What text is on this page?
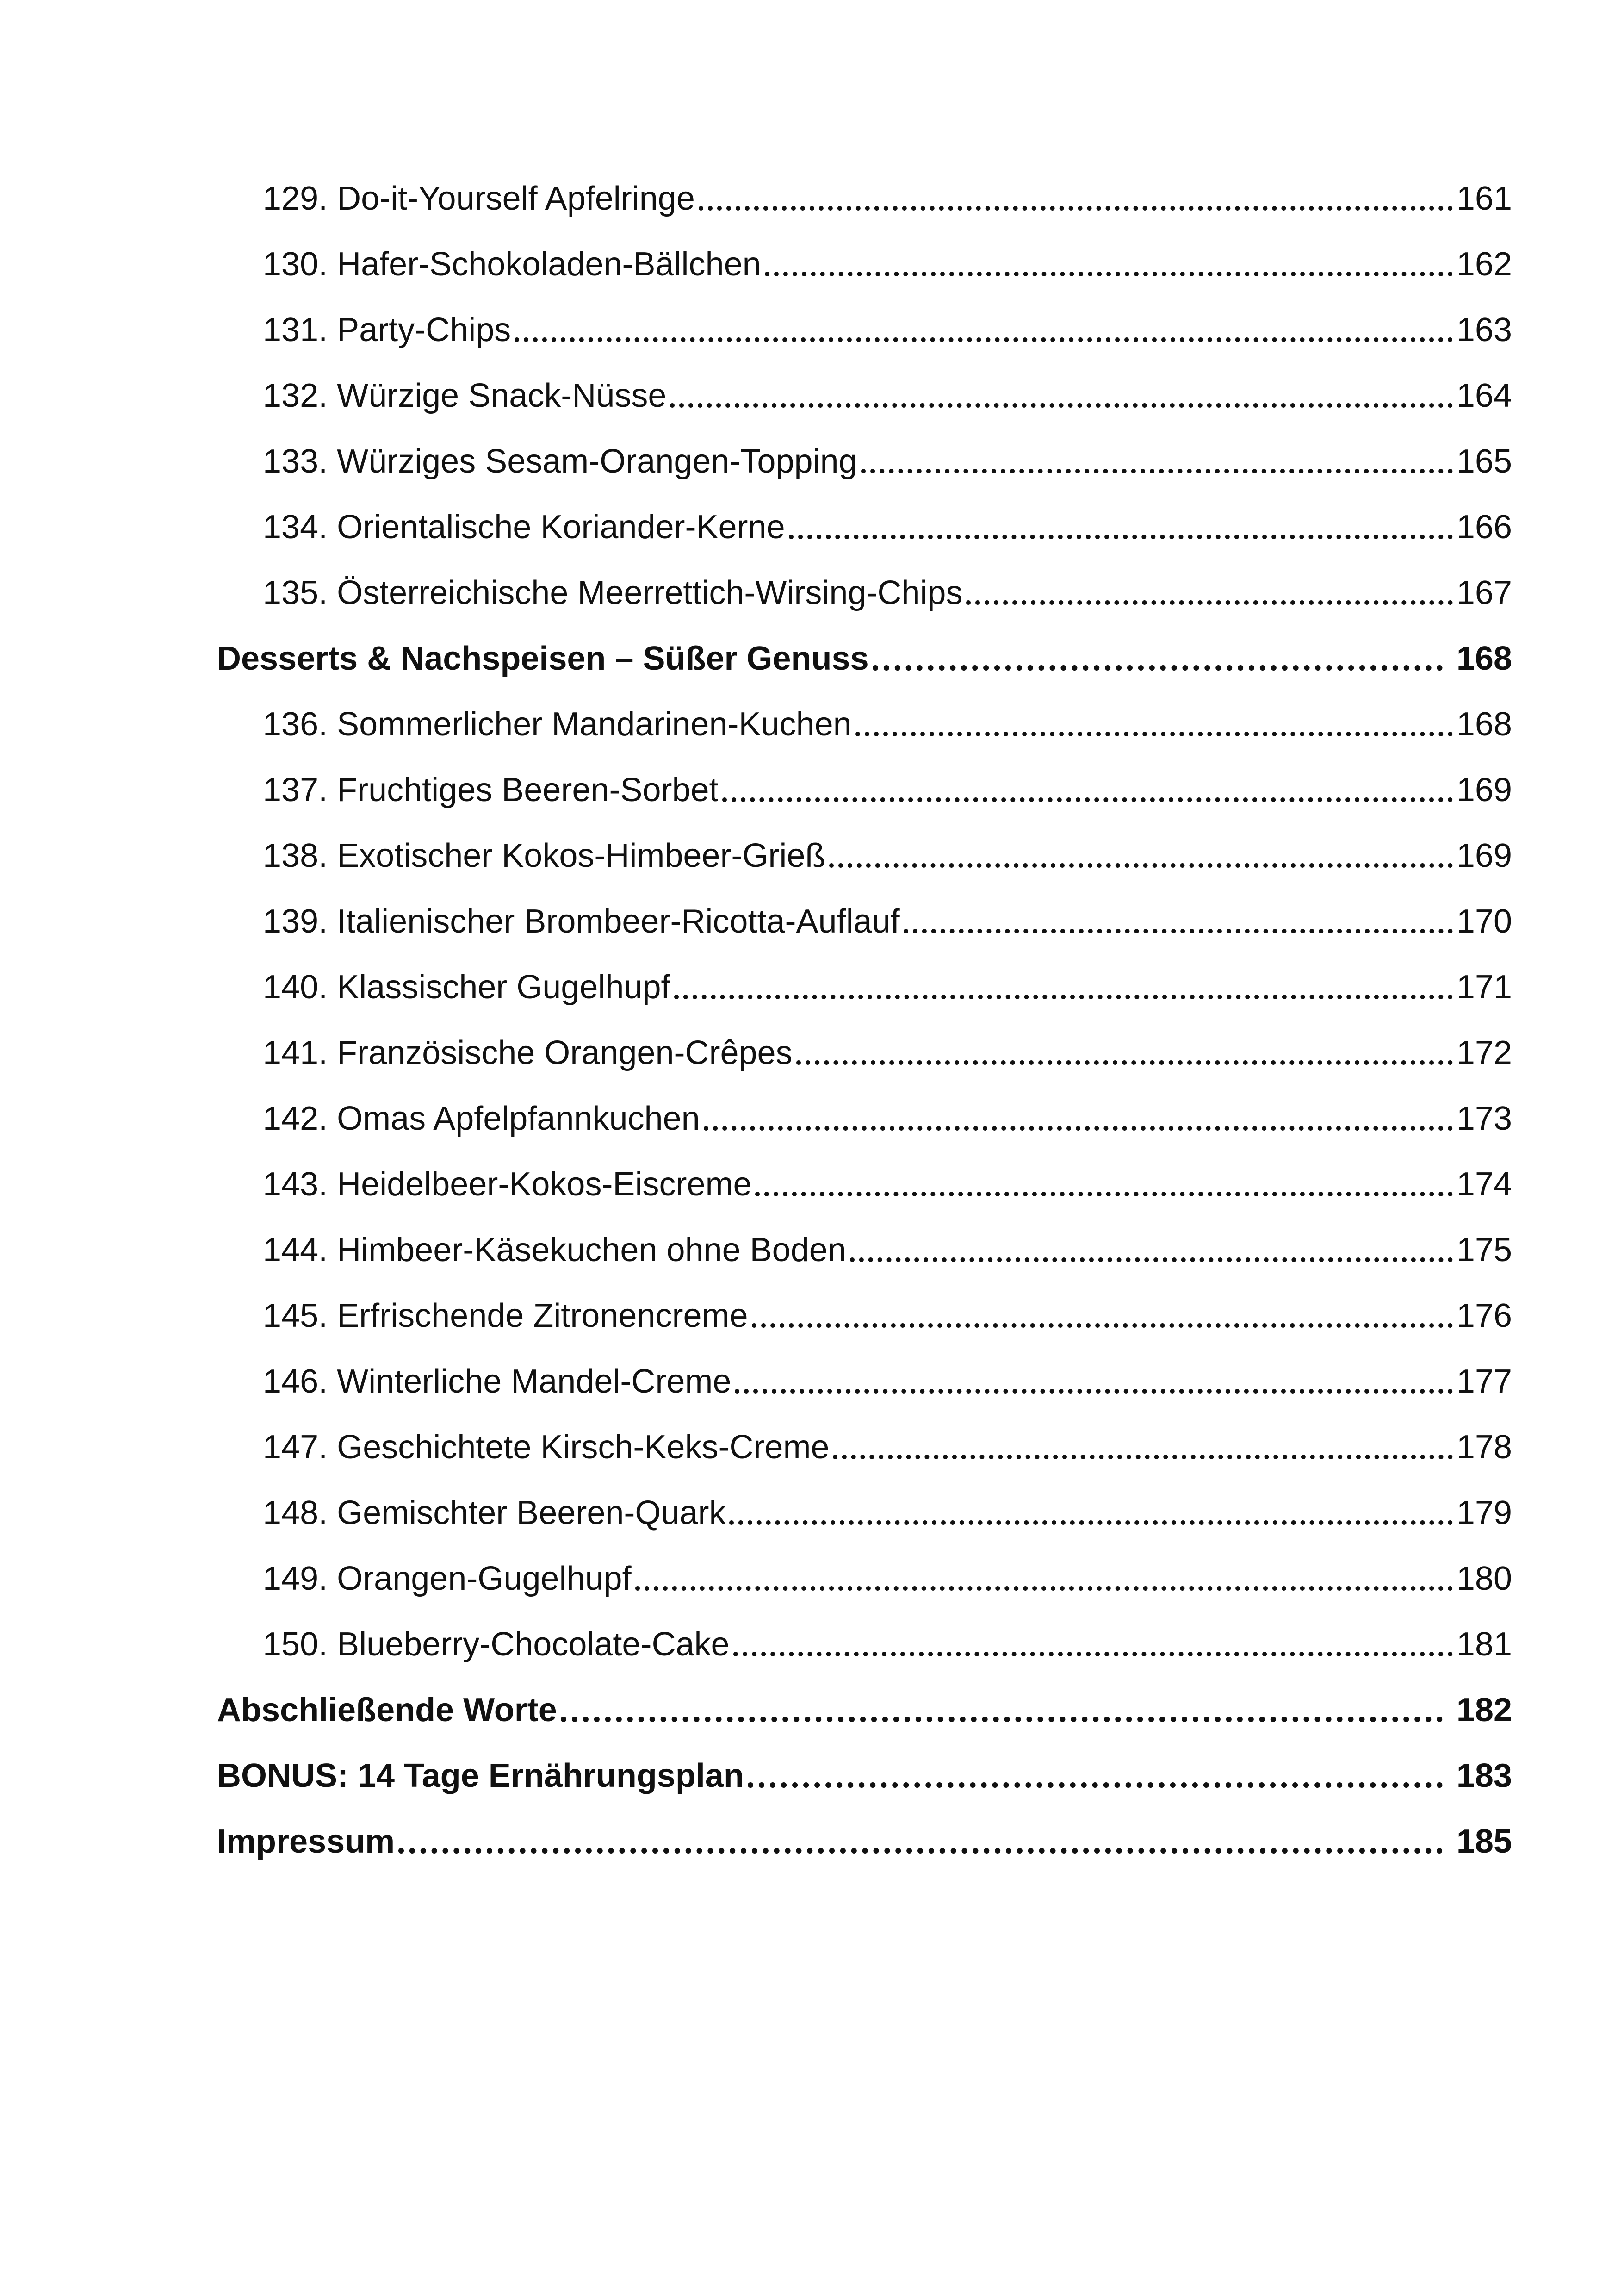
129. Do-it-Yourself Apfelringe	161
130. Hafer-Schokoladen-Bällchen	162
131. Party-Chips	163
132. Würzige Snack-Nüsse	164
133. Würziges Sesam-Orangen-Topping	165
134. Orientalische Koriander-Kerne	166
135. Österreichische Meerrettich-Wirsing-Chips	167
Desserts & Nachspeisen – Süßer Genuss	168
136. Sommerlicher Mandarinen-Kuchen	168
137. Fruchtiges Beeren-Sorbet	169
138. Exotischer Kokos-Himbeer-Grieß	169
139. Italienischer Brombeer-Ricotta-Auflauf	170
140. Klassischer Gugelhupf	171
141. Französische Orangen-Crêpes	172
142. Omas Apfelpfannkuchen	173
143. Heidelbeer-Kokos-Eiscreme	174
144. Himbeer-Käsekuchen ohne Boden	175
145. Erfrischende Zitronencreme	176
146. Winterliche Mandel-Creme	177
147. Geschichtete Kirsch-Keks-Creme	178
148. Gemischter Beeren-Quark	179
149. Orangen-Gugelhupf	180
150. Blueberry-Chocolate-Cake	181
Abschließende Worte	182
BONUS: 14 Tage Ernährungsplan	183
Impressum	185
